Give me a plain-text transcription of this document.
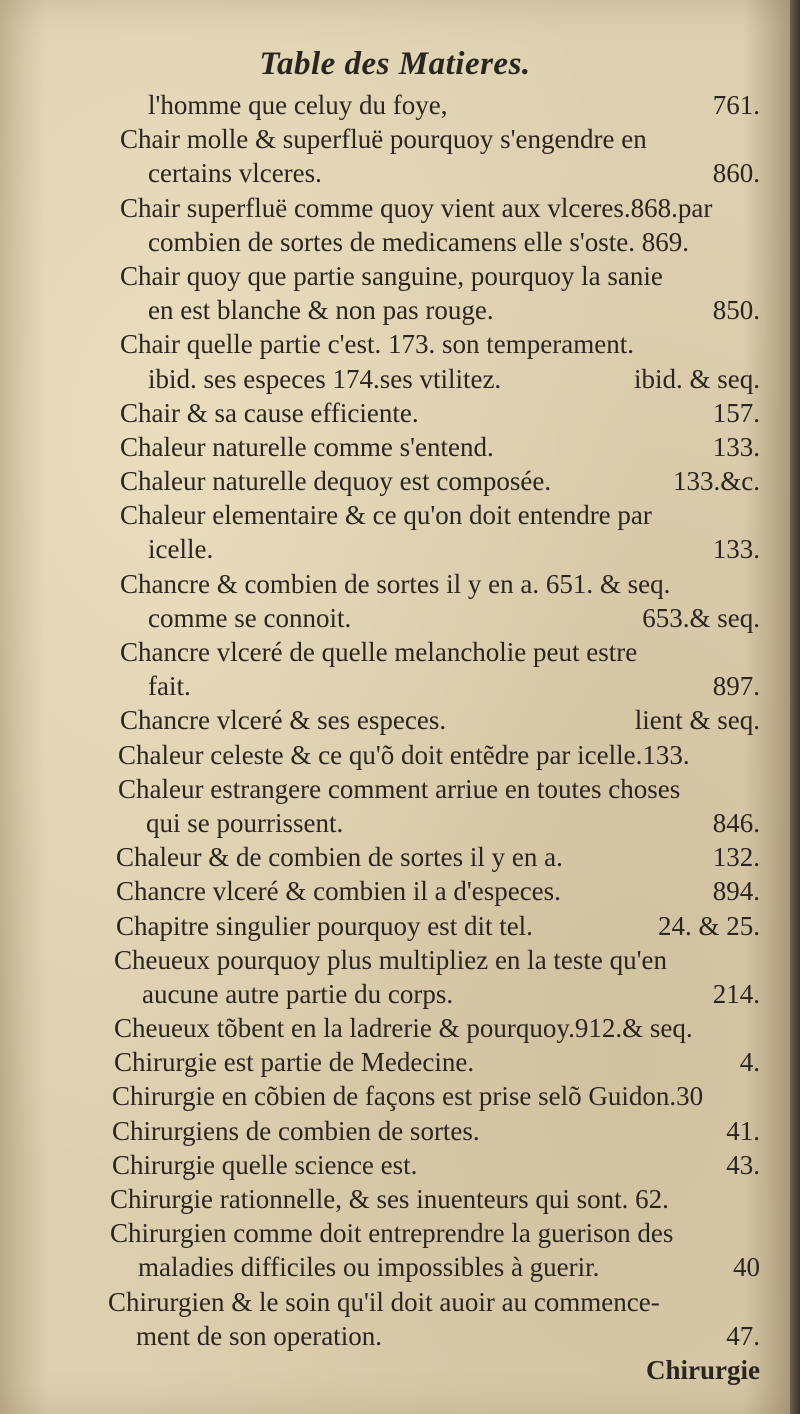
Table des Matieres.
l'homme que celuy du foye,	761.
Chair molle & superfluë pourquoy s'engendre en
certains vlceres.	860.
Chair superfluë comme quoy vient aux vlceres.868.par
combien de sortes de medicamens elle s'oste. 869.
Chair quoy que partie sanguine, pourquoy la sanie
en est blanche & non pas rouge.	850.
Chair quelle partie c'est. 173. son temperament.
ibid. ses especes 174.ses vtilitez.	ibid. & seq.
Chair & sa cause efficiente.	157.
Chaleur naturelle comme s'entend.	133.
Chaleur naturelle dequoy est composée.	133.&c.
Chaleur elementaire & ce qu'on doit entendre par
icelle.	133.
Chancre & combien de sortes il y en a. 651. & seq.
comme se connoit.	653.& seq.
Chancre vlceré de quelle melancholie peut estre
fait.	897.
Chancre vlceré & ses especes.	lient & seq.
Chaleur celeste & ce qu'õ doit entẽdre par icelle.133.
Chaleur estrangere comment arriue en toutes choses
qui se pourrissent.	846.
Chaleur & de combien de sortes il y en a.	132.
Chancre vlceré & combien il a d'especes.	894.
Chapitre singulier pourquoy est dit tel.	24. & 25.
Cheueux pourquoy plus multipliez en la teste qu'en
aucune autre partie du corps.	214.
Cheueux tõbent en la ladrerie & pourquoy.912.& seq.
Chirurgie est partie de Medecine.	4.
Chirurgie en cõbien de façons est prise selõ Guidon.30
Chirurgiens de combien de sortes.	41.
Chirurgie quelle science est.	43.
Chirurgie rationnelle, & ses inuenteurs qui sont. 62.
Chirurgien comme doit entreprendre la guerison des
maladies difficiles ou impossibles à guerir.	40
Chirurgien & le soin qu'il doit auoir au commence-
ment de son operation.	47.
Chirurgie
